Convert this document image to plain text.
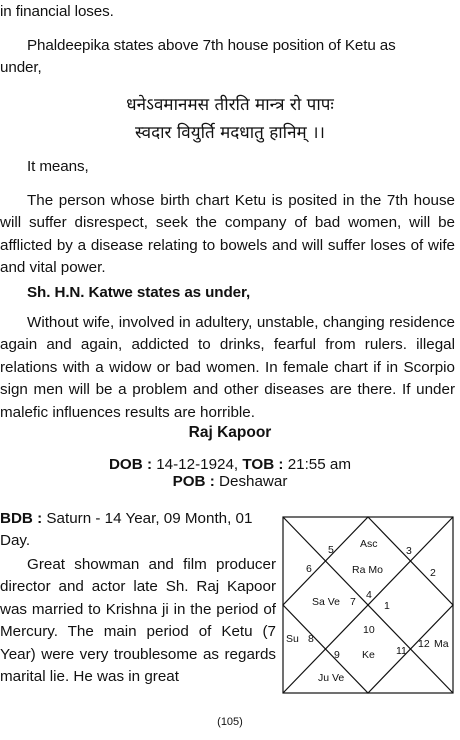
in financial loses.
Phaldeepika states above 7th house position of Ketu as
under,
धनेऽवमानमस तीरति मान्त्र रो पापः
स्वदार वियुर्ति मदधातु हानिम् ।।
It means,
The person whose birth chart Ketu is posited in the 7th house will suffer disrespect, seek the company of bad women, will be afflicted by a disease relating to bowels and will suffer loses of wife and vital power.
Sh. H.N. Katwe states as under,
Without wife, involved in adultery, unstable, changing residence again and again, addicted to drinks, fearful from rulers. illegal relations with a widow or bad women. In female chart if in Scorpio sign men will be a problem and other diseases are there. If under malefic influences results are horrible.
Raj Kapoor
DOB : 14-12-1924, TOB : 21:55 am
POB : Deshawar
BDB : Saturn - 14 Year, 09 Month, 01 Day.
Great showman and film producer director and actor late Sh. Raj Kapoor was married to Krishna ji in the period of Mercury. The main period of Ketu (7 Year) were very troublesome as regards marital lie. He was in great
Asc
5	3
6	Ra Mo	2
4
Sa Ve 7	1
10
Su 8
9 Ke 11
12 Ma
Ju Ve
(105)
